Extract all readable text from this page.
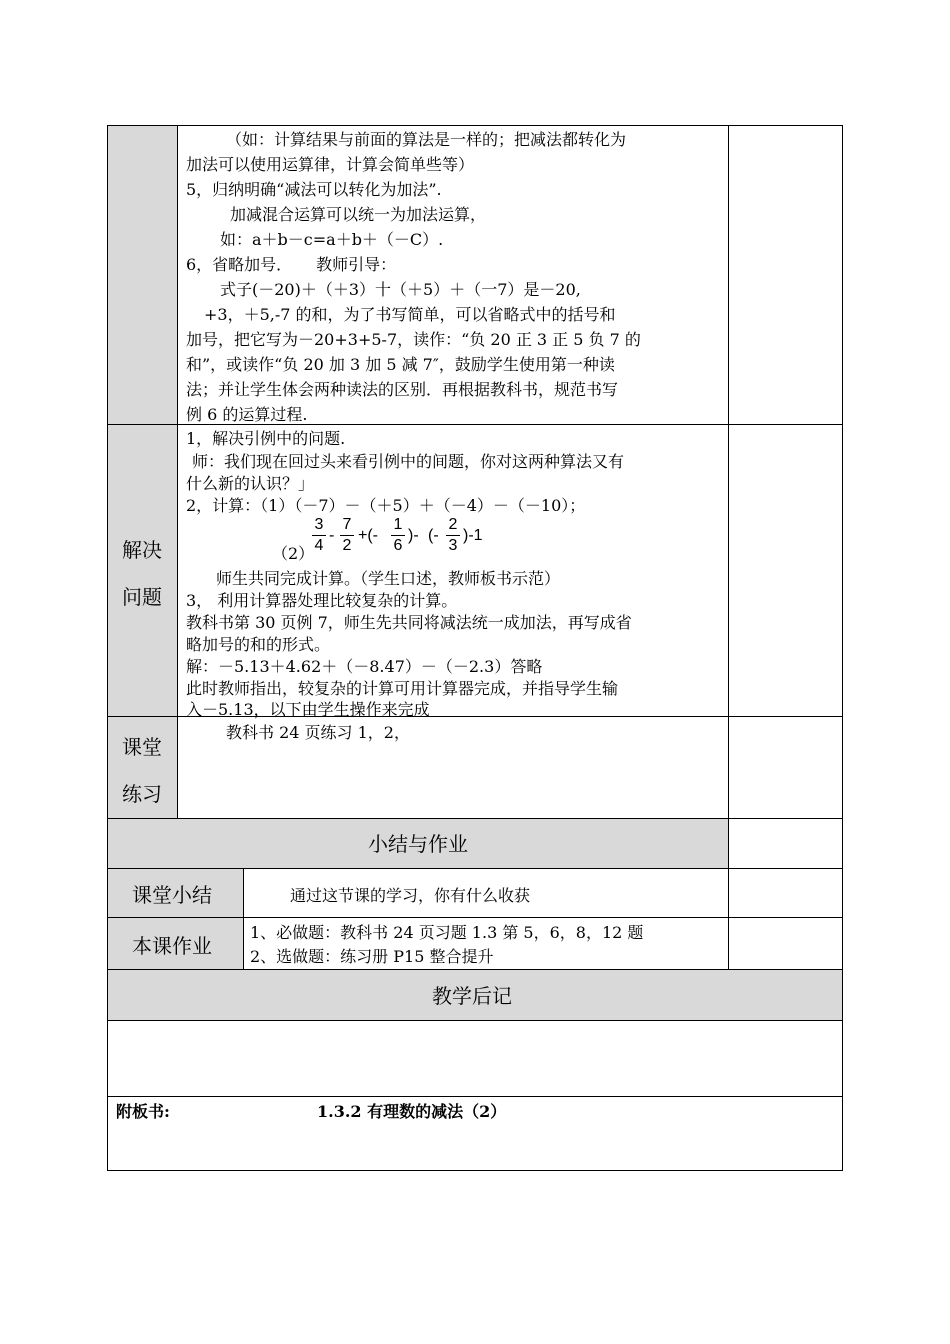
（如：计算结果与前面的算法是一样的；把减法都转化为
加法可以使用运算律，计算会简单些等）
5，归纳明确“减法可以转化为加法”.
加减混合运算可以统一为加法运算，
如：a＋b－c=a＋b＋（－C）.
6，省略加号．　　教师引导：
式子(－20)＋（＋3）十（＋5）＋（一7）是－20,
+3，＋5,-7 的和，为了书写简单，可以省略式中的括号和
加号，把它写为－20+3+5-7，读作：“负 20 正 3 正 5 负 7 的
和”，或读作“负 20 加 3 加 5 减 7″，鼓励学生使用第一种读
法；并让学生体会两种读法的区别．再根据教科书，规范书写
例 6 的运算过程.
解决
问题
1，解决引例中的问题.
师：我们现在回过头来看引例中的间题，你对这两种算法又有
什么新的认识？」
2，计算：（1）（－7）－（＋5）＋（－4）－（－10）；
（2）
3
4
-
7
2
+(-
1
6
)- (-
2
3
)-1
师生共同完成计算。（学生口述，教师板书示范）
3， 利用计算器处理比较复杂的计算。
教科书第 30 页例 7，师生先共同将减法统一成加法，再写成省
略加号的和的形式。
解：－5.13＋4.62＋（－8.47）－（－2.3）答略
此时教师指出，较复杂的计算可用计算器完成，并指导学生输
入－5.13，以下由学生操作来完成
课堂
练习
教科书 24 页练习 1，2，
小结与作业
课堂小结	通过这节课的学习，你有什么收获
本课作业
1、必做题：教科书 24 页习题 1.3 第 5，6，8，12 题
2、选做题：练习册 P15 整合提升
教学后记
附板书:	1.3.2 有理数的减法（2）
